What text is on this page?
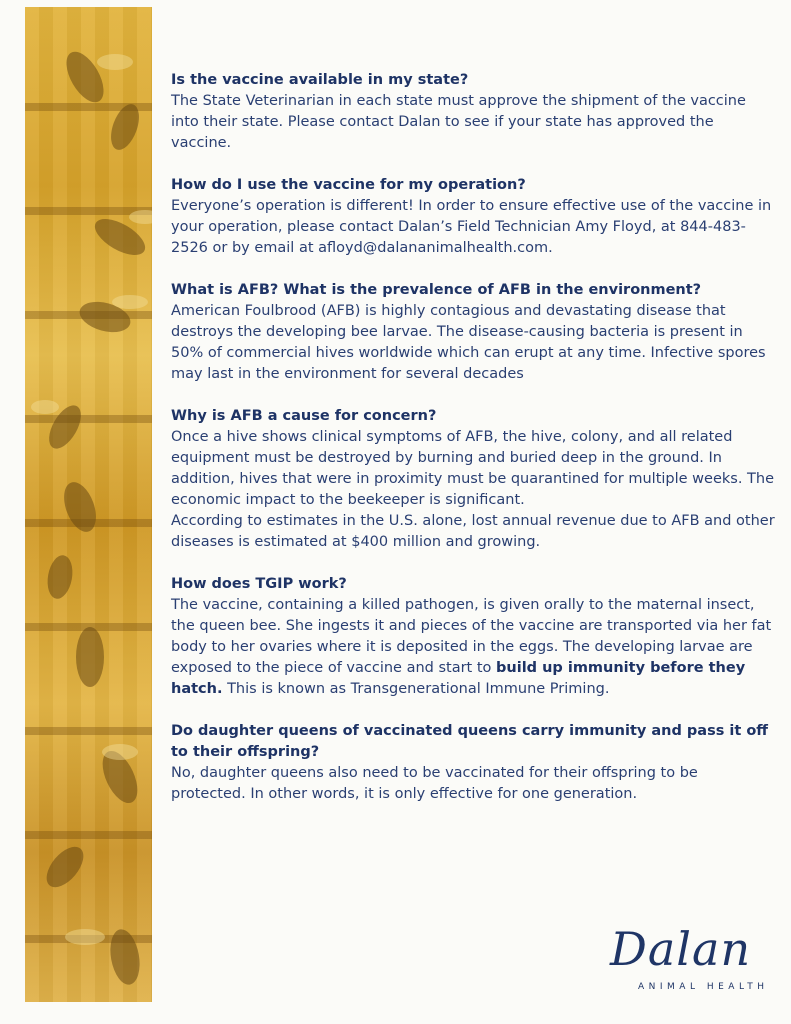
Is the vaccine available in my state?

The State Veterinarian in each state must approve the shipment of the vaccine into their state. Please contact Dalan to see if your state has approved the vaccine.

How do I use the vaccine for my operation?

Everyone’s operation is different! In order to ensure effective use of the vaccine in your operation, please contact Dalan’s Field Technician Amy Floyd, at 844-483-2526 or by email at afloyd@dalananimalhealth.com.

What is AFB? What is the prevalence of AFB in the environment?

American Foulbrood (AFB) is highly contagious and devastating disease that destroys the developing bee larvae. The disease-causing bacteria is present in 50% of commercial hives worldwide which can erupt at any time. Infective spores may last in the environment for several decades

Why is AFB a cause for concern?

Once a hive shows clinical symptoms of AFB, the hive, colony, and all related equipment must be destroyed by burning and buried deep in the ground. In addition, hives that were in proximity must be quarantined for multiple weeks. The economic impact to the beekeeper is significant.

According to estimates in the U.S. alone, lost annual revenue due to AFB and other diseases is estimated at $400 million and growing.

How does TGIP work?

The vaccine, containing a killed pathogen, is given orally to the maternal insect, the queen bee. She ingests it and pieces of the vaccine are transported via her fat body to her ovaries where it is deposited in the eggs. The developing larvae are exposed to the piece of vaccine and start to build up immunity before they hatch. This is known as Transgenerational Immune Priming.

Do daughter queens of vaccinated queens carry immunity and pass it off to their offspring?

No, daughter queens also need to be vaccinated for their offspring to be protected. In other words, it is only effective for one generation.

Dalan
ANIMAL HEALTH
